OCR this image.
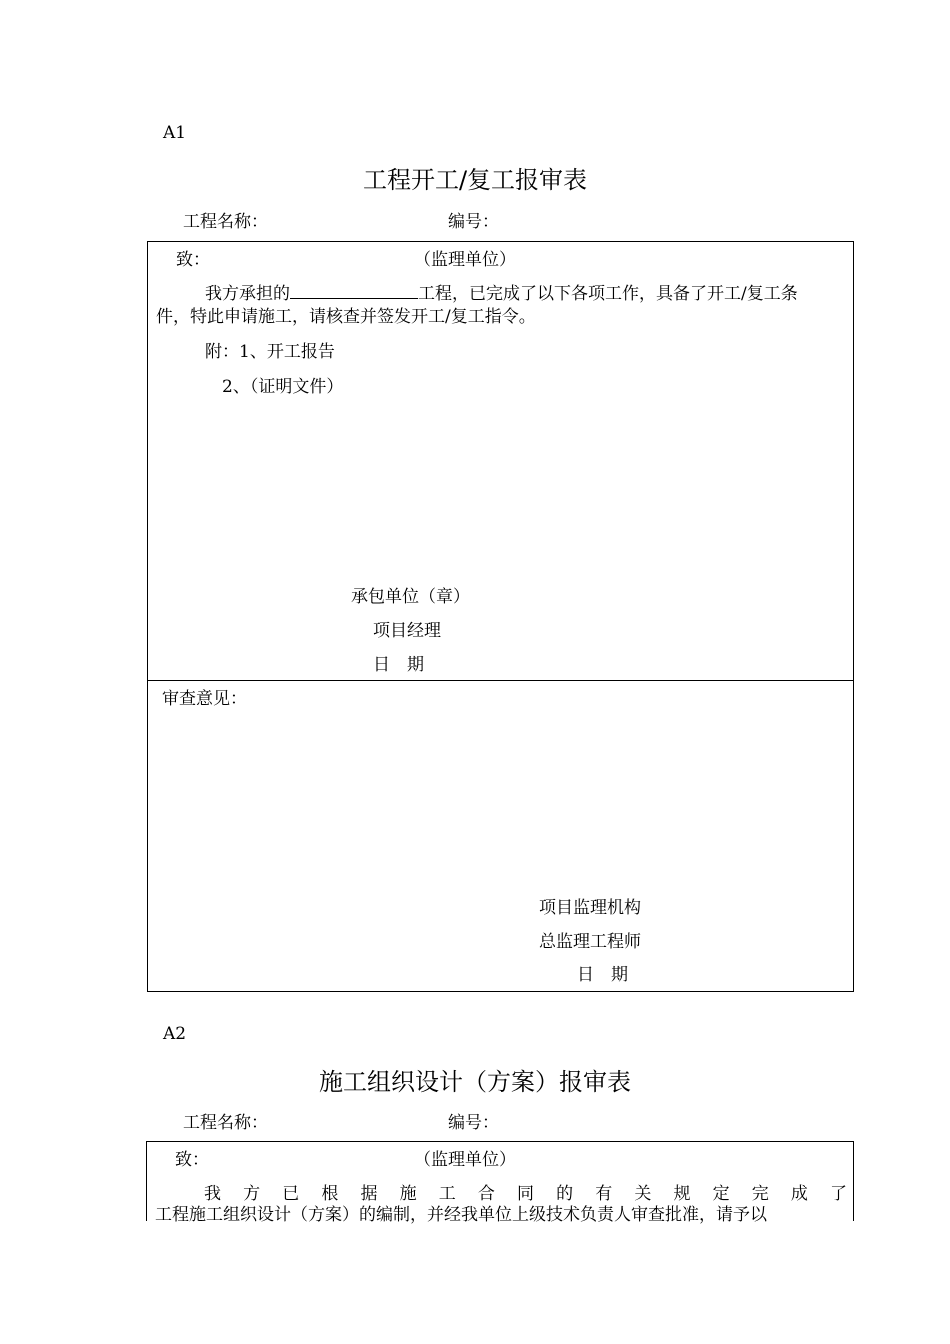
A1
工程开工/复工报审表
工程名称：	编号：
致：	（监理单位）
我方承担的	工程，已完成了以下各项工作，具备了开工/复工条
件，特此申请施工，请核查并签发开工/复工指令。
附：1、开工报告
2、（证明文件）
承包单位（章）
项目经理
日　期
审查意见：
项目监理机构
总监理工程师
日　期
A2
施工组织设计（方案）报审表
工程名称：	编号：
致：	（监理单位）
我 方 已 根 据 施 工 合 同 的 有 关 规 定 完 成 了
工程施工组织设计（方案）的编制，并经我单位上级技术负责人审查批准，请予以
